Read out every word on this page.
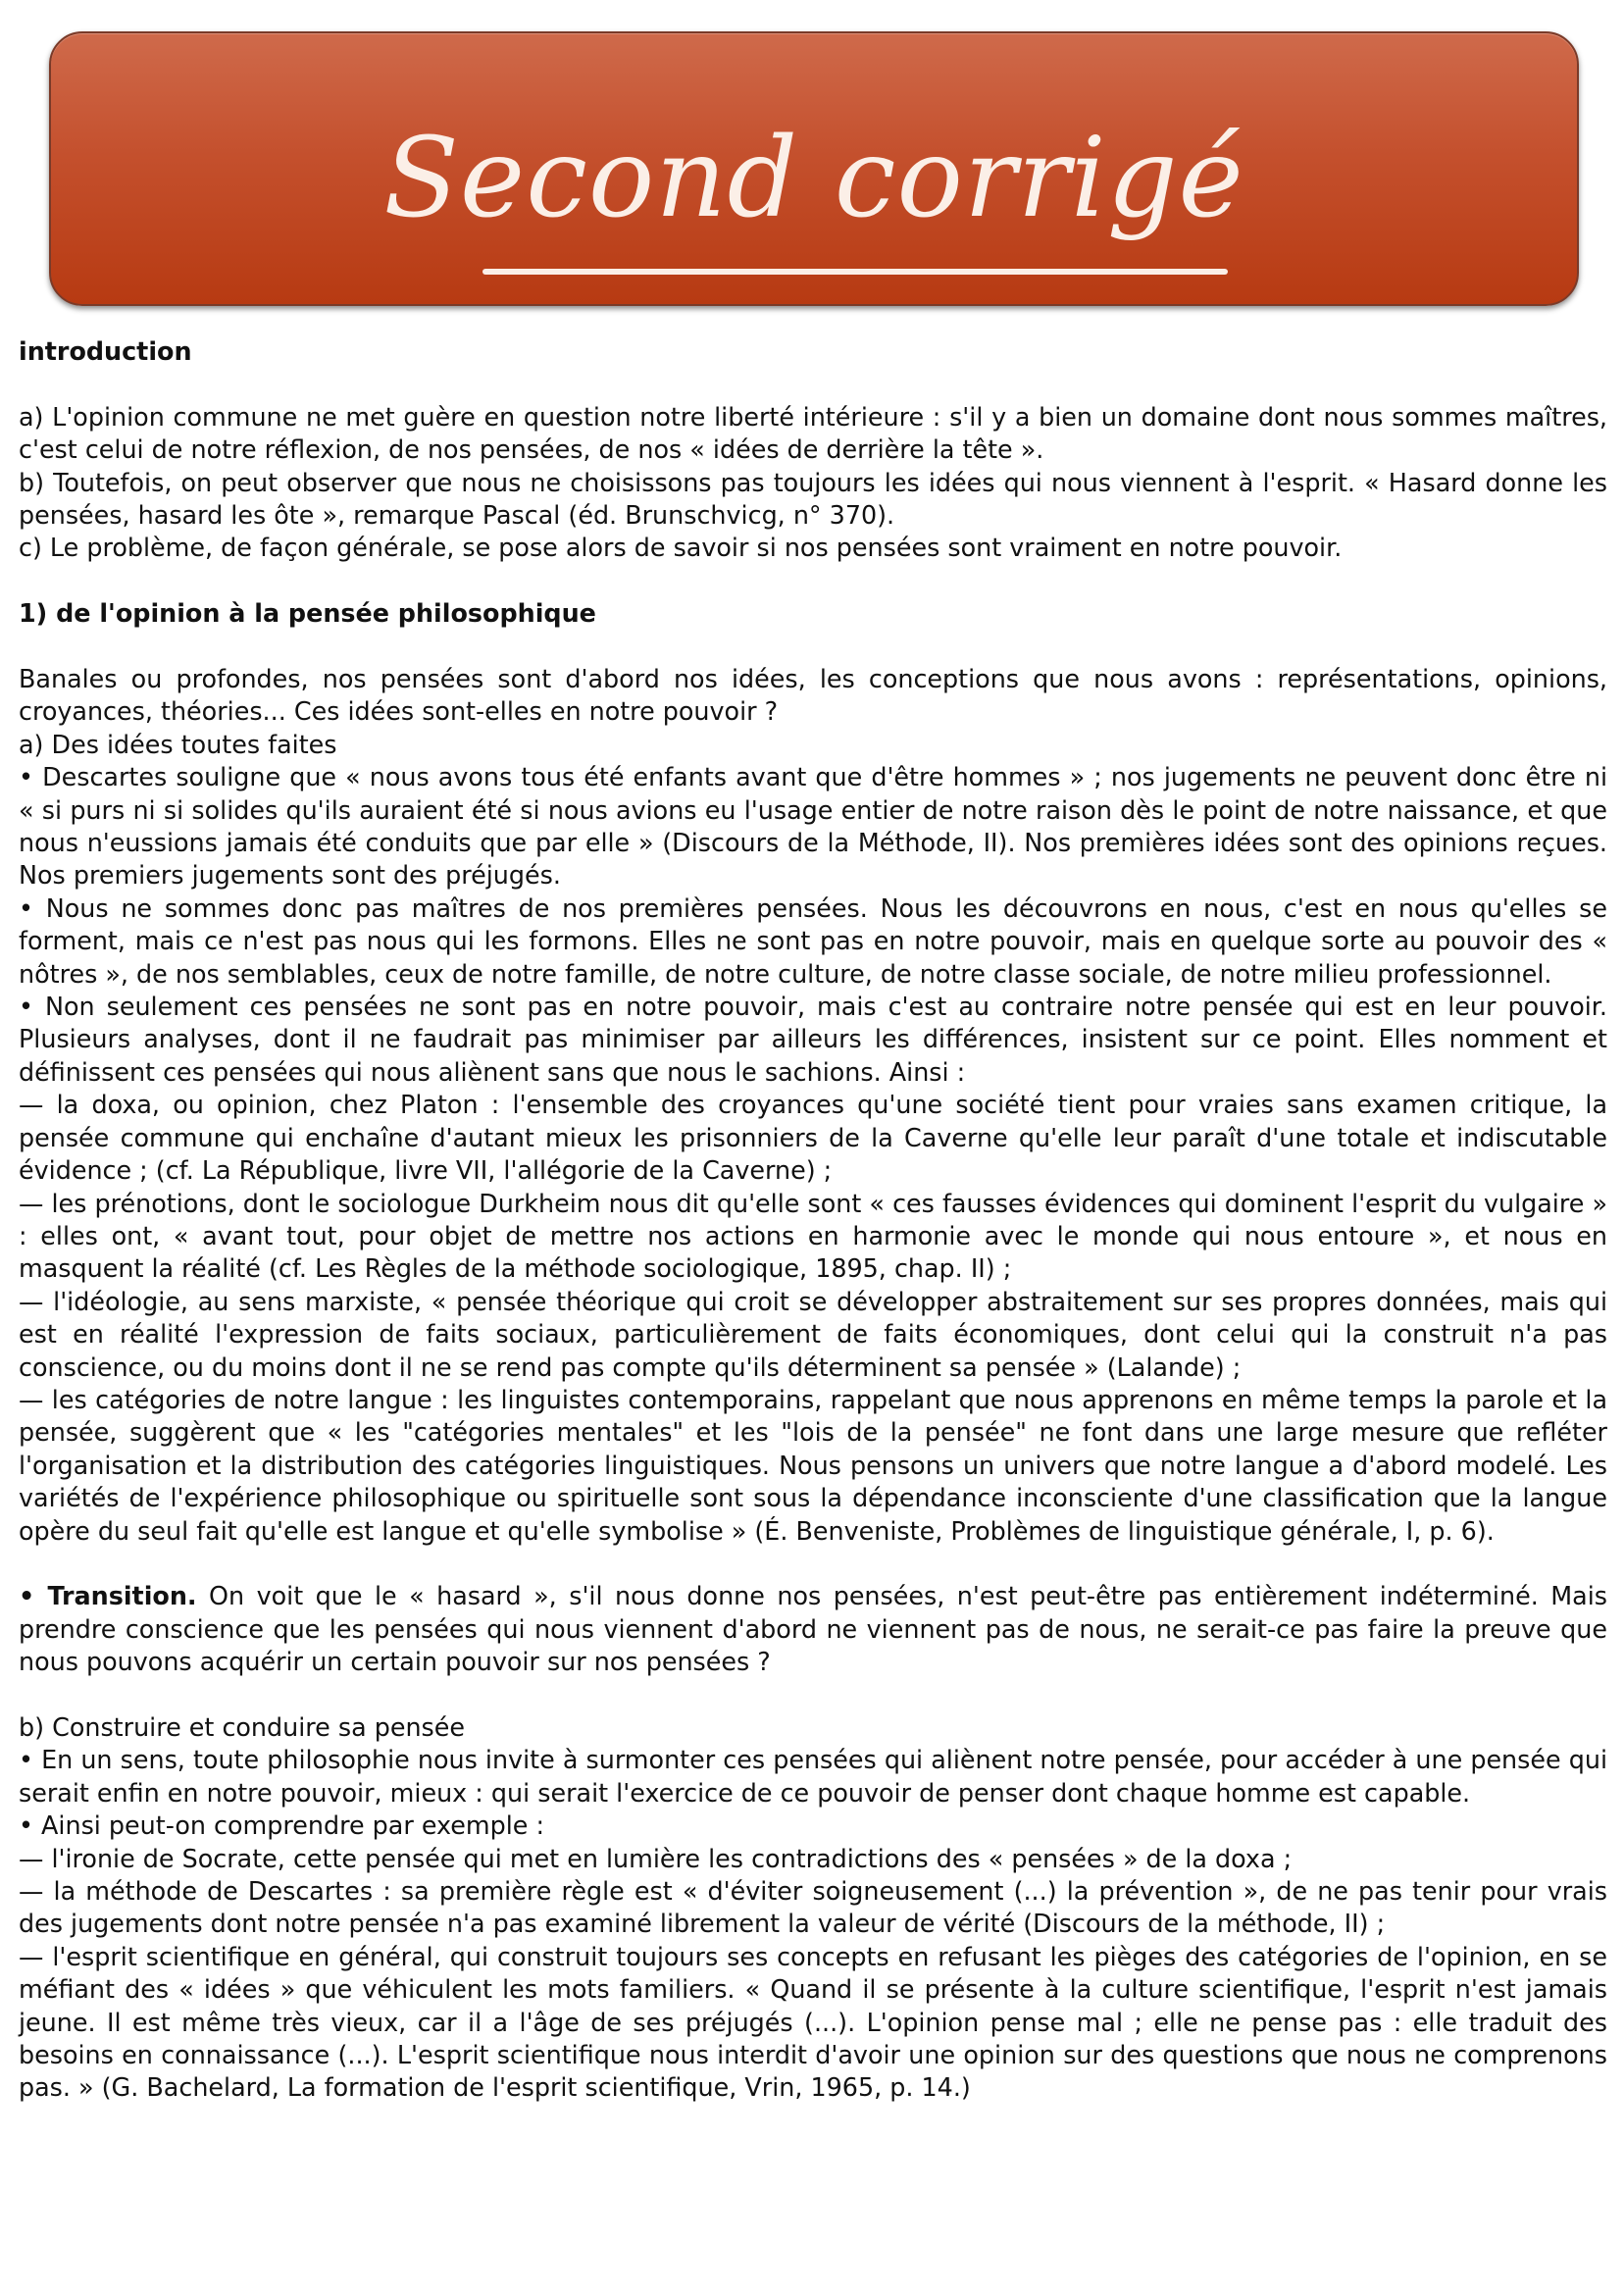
Second corrigé

introduction

a) L'opinion commune ne met guère en question notre liberté intérieure : s'il y a bien un domaine dont nous sommes maîtres, c'est celui de notre réflexion, de nos pensées, de nos « idées de derrière la tête ».

b) Toutefois, on peut observer que nous ne choisissons pas toujours les idées qui nous viennent à l'esprit. « Hasard donne les pensées, hasard les ôte », remarque Pascal (éd. Brunschvicg, n° 370).

c) Le problème, de façon générale, se pose alors de savoir si nos pensées sont vraiment en notre pouvoir.

1) de l'opinion à la pensée philosophique

Banales ou profondes, nos pensées sont d'abord nos idées, les conceptions que nous avons : représentations, opinions, croyances, théories... Ces idées sont-elles en notre pouvoir ?

a) Des idées toutes faites

• Descartes souligne que « nous avons tous été enfants avant que d'être hommes » ; nos jugements ne peuvent donc être ni « si purs ni si solides qu'ils auraient été si nous avions eu l'usage entier de notre raison dès le point de notre naissance, et que nous n'eussions jamais été conduits que par elle » (Discours de la Méthode, II). Nos premières idées sont des opinions reçues. Nos premiers jugements sont des préjugés.

• Nous ne sommes donc pas maîtres de nos premières pensées. Nous les découvrons en nous, c'est en nous qu'elles se forment, mais ce n'est pas nous qui les formons. Elles ne sont pas en notre pouvoir, mais en quelque sorte au pouvoir des « nôtres », de nos semblables, ceux de notre famille, de notre culture, de notre classe sociale, de notre milieu professionnel.

• Non seulement ces pensées ne sont pas en notre pouvoir, mais c'est au contraire notre pensée qui est en leur pouvoir. Plusieurs analyses, dont il ne faudrait pas minimiser par ailleurs les différences, insistent sur ce point. Elles nomment et définissent ces pensées qui nous aliènent sans que nous le sachions. Ainsi :

— la doxa, ou opinion, chez Platon : l'ensemble des croyances qu'une société tient pour vraies sans examen critique, la pensée commune qui enchaîne d'autant mieux les prisonniers de la Caverne qu'elle leur paraît d'une totale et indiscutable évidence ; (cf. La République, livre VII, l'allégorie de la Caverne) ;

— les prénotions, dont le sociologue Durkheim nous dit qu'elle sont « ces fausses évidences qui dominent l'esprit du vulgaire » : elles ont, « avant tout, pour objet de mettre nos actions en harmonie avec le monde qui nous entoure », et nous en masquent la réalité (cf. Les Règles de la méthode sociologique, 1895, chap. II) ;

— l'idéologie, au sens marxiste, « pensée théorique qui croit se développer abstraitement sur ses propres données, mais qui est en réalité l'expression de faits sociaux, particulièrement de faits économiques, dont celui qui la construit n'a pas conscience, ou du moins dont il ne se rend pas compte qu'ils déterminent sa pensée » (Lalande) ;

— les catégories de notre langue : les linguistes contemporains, rappelant que nous apprenons en même temps la parole et la pensée, suggèrent que « les "catégories mentales" et les "lois de la pensée" ne font dans une large mesure que refléter l'organisation et la distribution des catégories linguistiques. Nous pensons un univers que notre langue a d'abord modelé. Les variétés de l'expérience philosophique ou spirituelle sont sous la dépendance inconsciente d'une classification que la langue opère du seul fait qu'elle est langue et qu'elle symbolise » (É. Benveniste, Problèmes de linguistique générale, I, p. 6).

• Transition. On voit que le « hasard », s'il nous donne nos pensées, n'est peut-être pas entièrement indéterminé. Mais prendre conscience que les pensées qui nous viennent d'abord ne viennent pas de nous, ne serait-ce pas faire la preuve que nous pouvons acquérir un certain pouvoir sur nos pensées ?

b) Construire et conduire sa pensée

• En un sens, toute philosophie nous invite à surmonter ces pensées qui aliènent notre pensée, pour accéder à une pensée qui serait enfin en notre pouvoir, mieux : qui serait l'exercice de ce pouvoir de penser dont chaque homme est capable.

• Ainsi peut-on comprendre par exemple :

— l'ironie de Socrate, cette pensée qui met en lumière les contradictions des « pensées » de la doxa ;

— la méthode de Descartes : sa première règle est « d'éviter soigneusement (...) la prévention », de ne pas tenir pour vrais des jugements dont notre pensée n'a pas examiné librement la valeur de vérité (Discours de la méthode, II) ;

— l'esprit scientifique en général, qui construit toujours ses concepts en refusant les pièges des catégories de l'opinion, en se méfiant des « idées » que véhiculent les mots familiers. « Quand il se présente à la culture scientifique, l'esprit n'est jamais jeune. Il est même très vieux, car il a l'âge de ses préjugés (...). L'opinion pense mal ; elle ne pense pas : elle traduit des besoins en connaissance (...). L'esprit scientifique nous interdit d'avoir une opinion sur des questions que nous ne comprenons pas. » (G. Bachelard, La formation de l'esprit scientifique, Vrin, 1965, p. 14.)
